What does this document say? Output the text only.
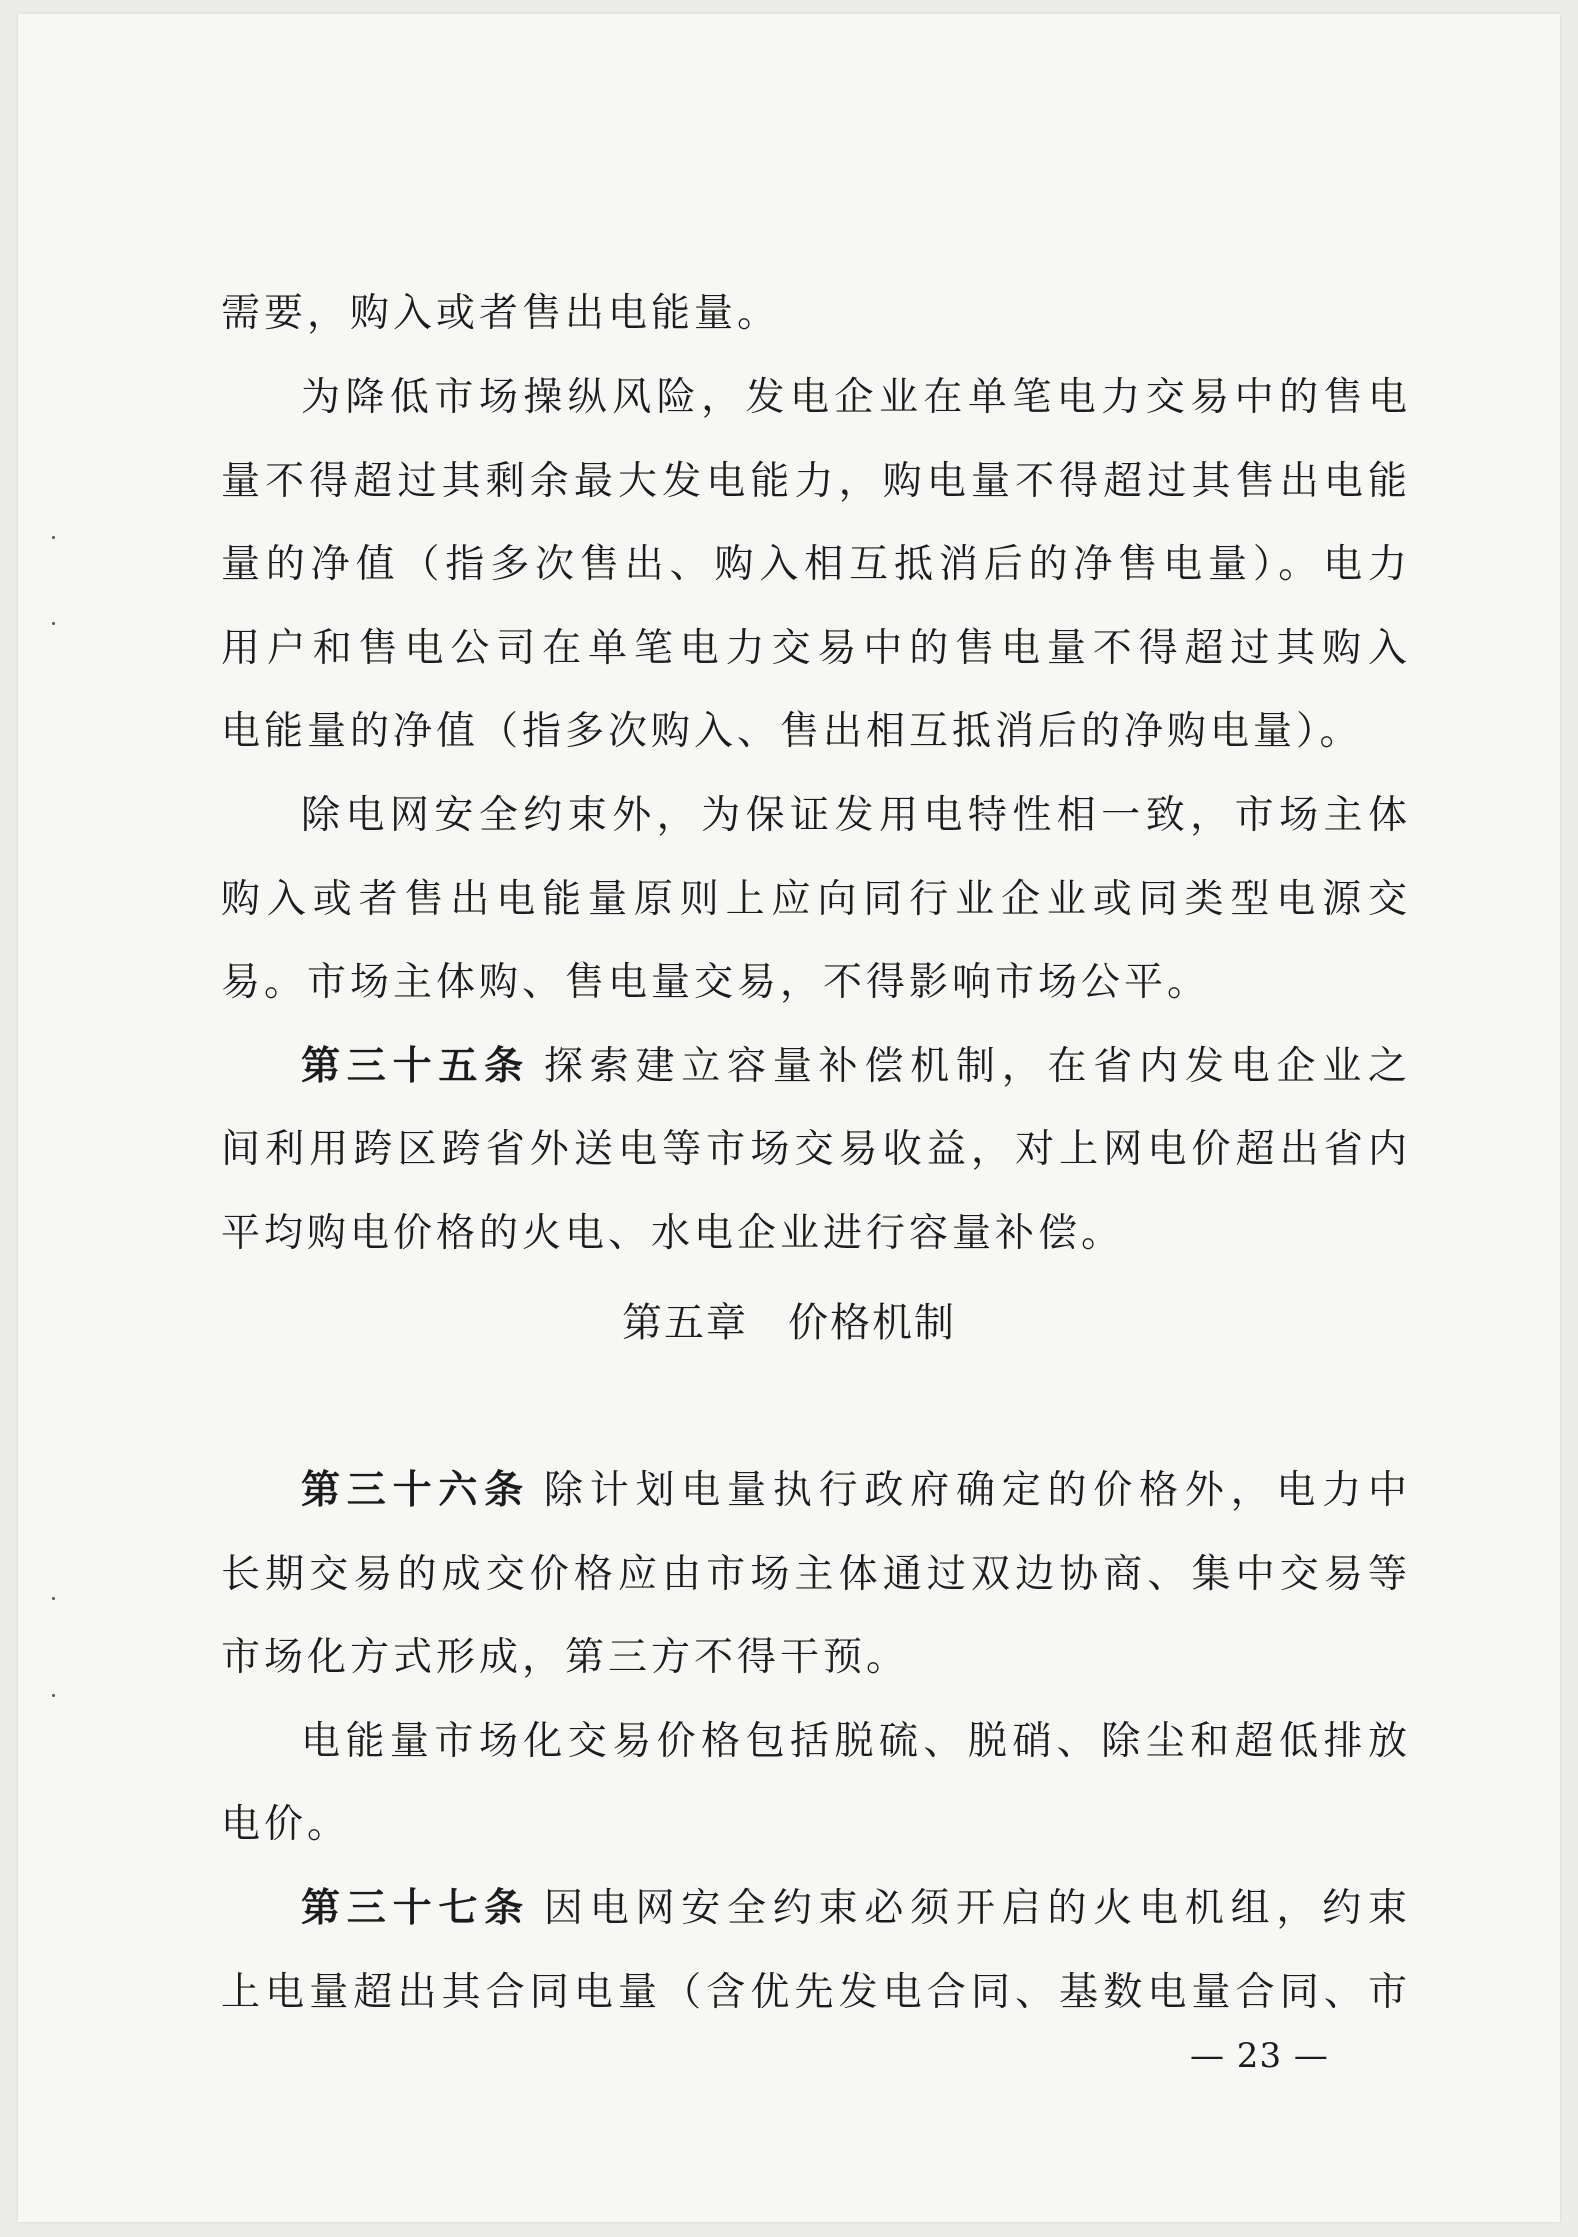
需要，购入或者售出电能量。
为降低市场操纵风险，发电企业在单笔电力交易中的售电
量不得超过其剩余最大发电能力，购电量不得超过其售出电能
量的净值（指多次售出、购入相互抵消后的净售电量）。电力
用户和售电公司在单笔电力交易中的售电量不得超过其购入
电能量的净值（指多次购入、售出相互抵消后的净购电量）。
除电网安全约束外，为保证发用电特性相一致，市场主体
购入或者售出电能量原则上应向同行业企业或同类型电源交
易。市场主体购、售电量交易，不得影响市场公平。
第三十五条 探索建立容量补偿机制，在省内发电企业之
间利用跨区跨省外送电等市场交易收益，对上网电价超出省内
平均购电价格的火电、水电企业进行容量补偿。
第五章 价格机制
第三十六条 除计划电量执行政府确定的价格外，电力中
长期交易的成交价格应由市场主体通过双边协商、集中交易等
市场化方式形成，第三方不得干预。
电能量市场化交易价格包括脱硫、脱硝、除尘和超低排放
电价。
第三十七条 因电网安全约束必须开启的火电机组，约束
上电量超出其合同电量（含优先发电合同、基数电量合同、市
— 23 —
